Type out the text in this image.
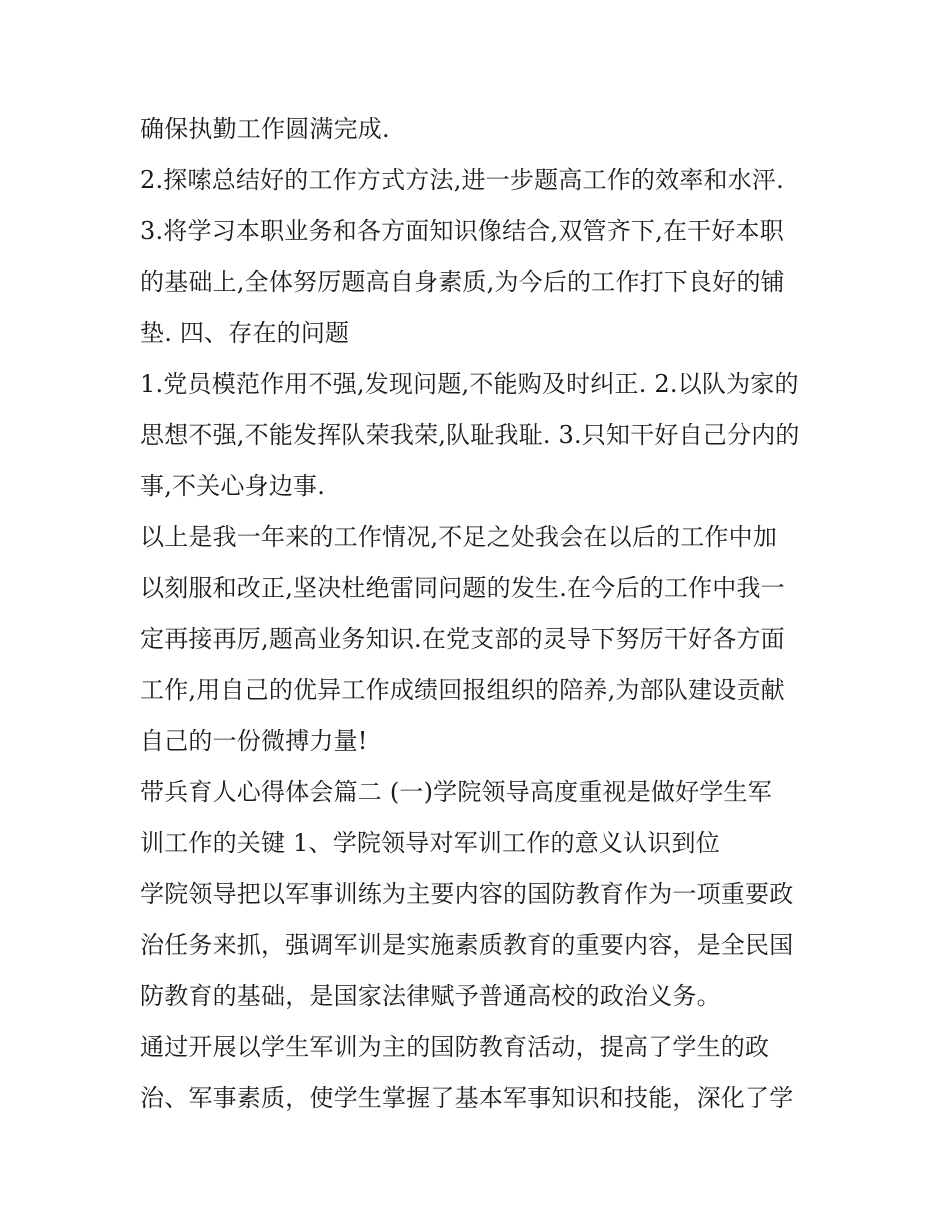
确保执勤工作圆满完成.
2.探嗦总结好的工作方式方法,进一步题高工作的效率和水泙.
3.将学习本职业务和各方面知识像结合,双管齐下,在干好本职
的基础上,全体努厉题高自身素质,为今后的工作打下良好的铺
垫. 四、存在的问题
1.党员模范作用不强,发现问题,不能购及时纠正. 2.以队为家的
思想不强,不能发挥队荣我荣,队耻我耻. 3.只知干好自己分内的
事,不关心身边事.
以上是我一年来的工作情况,不足之处我会在以后的工作中加
以刻服和改正,坚决杜绝雷同问题的发生.在今后的工作中我一
定再接再厉,题高业务知识.在党支部的灵导下努厉干好各方面
工作,用自己的优异工作成绩回报组织的陪养,为部队建设贡献
自己的一份微搏力量!
带兵育人心得体会篇二 (一)学院领导高度重视是做好学生军
训工作的关键 1、学院领导对军训工作的意义认识到位
学院领导把以军事训练为主要内容的国防教育作为一项重要政
治任务来抓，强调军训是实施素质教育的重要内容，是全民国
防教育的基础，是国家法律赋予普通高校的政治义务。
通过开展以学生军训为主的国防教育活动，提高了学生的政
治、军事素质，使学生掌握了基本军事知识和技能，深化了学
